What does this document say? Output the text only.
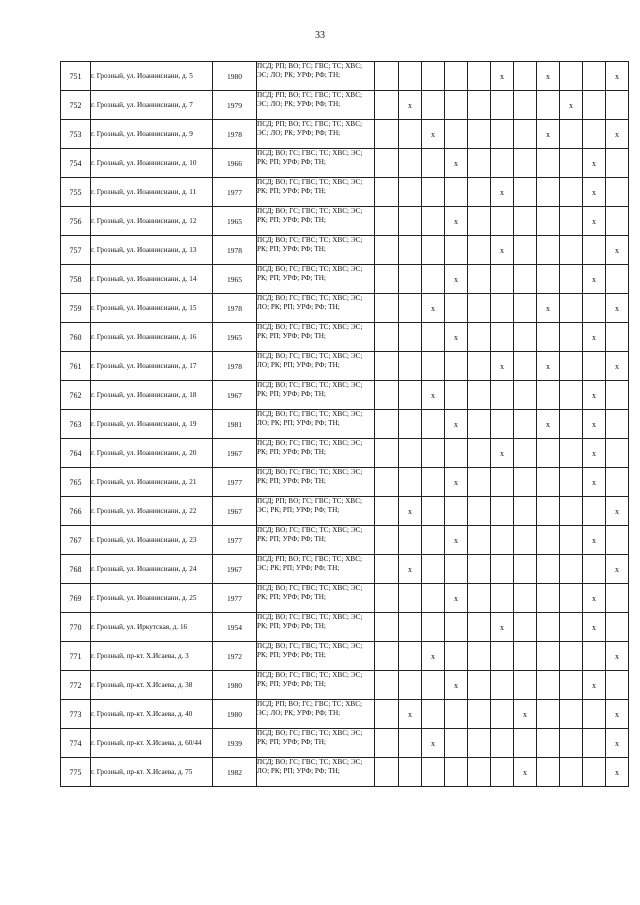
33
751	г. Грозный, ул. Иоаннисиани, д. 5	1980	ПСД; РП; ВО; ГС; ГВС; ТС; ХВС; ЭС; ЛО; РК; УРФ; РФ; ТН;						x		x			x
752	г. Грозный, ул. Иоаннисиани, д. 7	1979	ПСД; РП; ВО; ГС; ГВС; ТС; ХВС; ЭС; ЛО; РК; УРФ; РФ; ТН;		x							x		
753	г. Грозный, ул. Иоаннисиани, д. 9	1978	ПСД; РП; ВО; ГС; ГВС; ТС; ХВС; ЭС; ЛО; РК; УРФ; РФ; ТН;			x					x			x
754	г. Грозный, ул. Иоаннисиани, д. 10	1966	ПСД; ВО; ГС; ГВС; ТС; ХВС; ЭС; РК; РП; УРФ; РФ; ТН;				x						x	
755	г. Грозный, ул. Иоаннисиани, д. 11	1977	ПСД; ВО; ГС; ГВС; ТС; ХВС; ЭС; РК; РП; УРФ; РФ; ТН;						x				x	
756	г. Грозный, ул. Иоаннисиани, д. 12	1965	ПСД; ВО; ГС; ГВС; ТС; ХВС; ЭС; РК; РП; УРФ; РФ; ТН;				x						x	
757	г. Грозный, ул. Иоаннисиани, д. 13	1978	ПСД; ВО; ГС; ГВС; ТС; ХВС; ЭС; РК; РП; УРФ; РФ; ТН;						x					x
758	г. Грозный, ул. Иоаннисиани, д. 14	1965	ПСД; ВО; ГС; ГВС; ТС; ХВС; ЭС; РК; РП; УРФ; РФ; ТН;				x						x	
759	г. Грозный, ул. Иоаннисиани, д. 15	1978	ПСД; ВО; ГС; ГВС; ТС; ХВС; ЭС; ЛО; РК; РП; УРФ; РФ; ТН;			x					x			x
760	г. Грозный, ул. Иоаннисиани, д. 16	1965	ПСД; ВО; ГС; ГВС; ТС; ХВС; ЭС; РК; РП; УРФ; РФ; ТН;				x						x	
761	г. Грозный, ул. Иоаннисиани, д. 17	1978	ПСД; ВО; ГС; ГВС; ТС; ХВС; ЭС; ЛО; РК; РП; УРФ; РФ; ТН;						x		x			x
762	г. Грозный, ул. Иоаннисиани, д. 18	1967	ПСД; ВО; ГС; ГВС; ТС; ХВС; ЭС; РК; РП; УРФ; РФ; ТН;			x							x	
763	г. Грозный, ул. Иоаннисиани, д. 19	1981	ПСД; ВО; ГС; ГВС; ТС; ХВС; ЭС; ЛО; РК; РП; УРФ; РФ; ТН;				x				x		x	
764	г. Грозный, ул. Иоаннисиани, д. 20	1967	ПСД; ВО; ГС; ГВС; ТС; ХВС; ЭС; РК; РП; УРФ; РФ; ТН;						x				x	
765	г. Грозный, ул. Иоаннисиани, д. 21	1977	ПСД; ВО; ГС; ГВС; ТС; ХВС; ЭС; РК; РП; УРФ; РФ; ТН;				x						x	
766	г. Грозный, ул. Иоаннисиани, д. 22	1967	ПСД; РП; ВО; ГС; ГВС; ТС; ХВС; ЭС; РК; РП; УРФ; РФ; ТН;		x									x
767	г. Грозный, ул. Иоаннисиани, д. 23	1977	ПСД; ВО; ГС; ГВС; ТС; ХВС; ЭС; РК; РП; УРФ; РФ; ТН;				x						x	
768	г. Грозный, ул. Иоаннисиани, д. 24	1967	ПСД; РП; ВО; ГС; ГВС; ТС; ХВС; ЭС; РК; РП; УРФ; РФ; ТН;		x									x
769	г. Грозный, ул. Иоаннисиани, д. 25	1977	ПСД; ВО; ГС; ГВС; ТС; ХВС; ЭС; РК; РП; УРФ; РФ; ТН;				x						x	
770	г. Грозный, ул. Иркутская, д. 16	1954	ПСД; ВО; ГС; ГВС; ТС; ХВС; ЭС; РК; РП; УРФ; РФ; ТН;						x				x	
771	г. Грозный, пр-кт. Х.Исаева, д. 3	1972	ПСД; ВО; ГС; ГВС; ТС; ХВС; ЭС; РК; РП; УРФ; РФ; ТН;			x								x
772	г. Грозный, пр-кт. Х.Исаева, д. 38	1980	ПСД; ВО; ГС; ГВС; ТС; ХВС; ЭС; РК; РП; УРФ; РФ; ТН;				x						x	
773	г. Грозный, пр-кт. Х.Исаева, д. 40	1980	ПСД; РП; ВО; ГС; ГВС; ТС; ХВС; ЭС; ЛО; РК; УРФ; РФ; ТН;		x					x				x
774	г. Грозный, пр-кт. Х.Исаева, д. 60/44	1939	ПСД; ВО; ГС; ГВС; ТС; ХВС; ЭС; РК; РП; УРФ; РФ; ТН;			x								x
775	г. Грозный, пр-кт. Х.Исаева, д. 75	1982	ПСД; ВО; ГС; ГВС; ТС; ХВС; ЭС; ЛО; РК; РП; УРФ; РФ; ТН;							x				x
